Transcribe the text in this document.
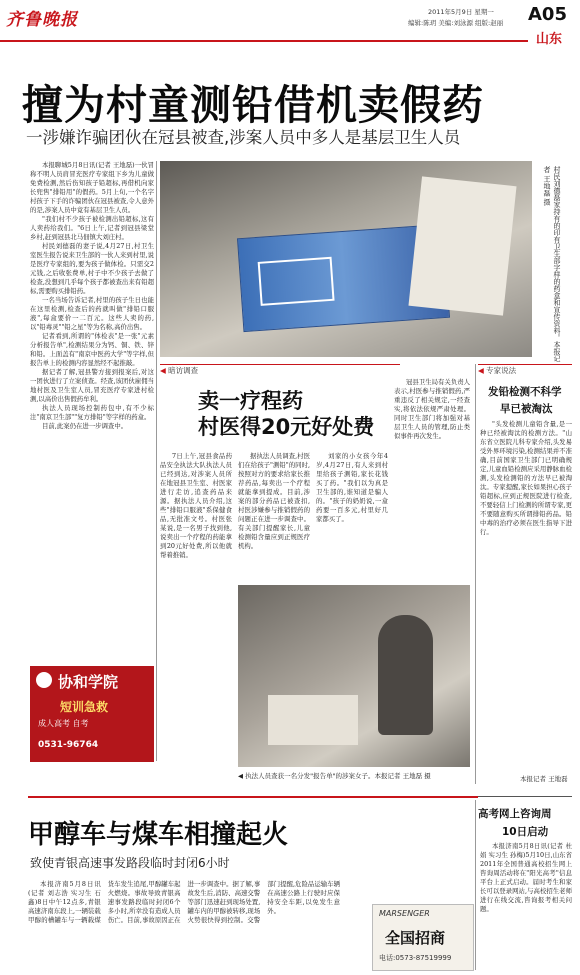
齐鲁晚报	2011年5月9日 星期一
编辑:陈玥 美编:刘泳源 组版:赵丽 A05
山东
擅为村童测铅借机卖假药
一涉嫌诈骗团伙在冠县被查,涉案人员中多人是基层卫生人员

本报聊城5月8日讯(记者 王地磊)一伙冒称不明人员肩冒充医疗专家组下乡为儿童做免费检测,然后伤知孩子铅超标,再借机向家长兜售"排铅用"的假药。5月上旬,一个名字村孩子下手的诈骗团伙在冠县被查,令人意外的是,涉案人员中竟有基层卫生人员。

"我们村不少孩子被检测出铅超标,这有人卖药给我们。"6日上午,记者到冠县梁堂乡村,赶到冠县北马佃镇大刘庄村。

村民刘德磊的妻子说,4月27日,村卫生室医生报告说来卫生部的一伙人来到村里,说是医疗专家组的,要为孩子做体检。只需交2元钱,之后收张费单,村子中不少孩子去做了检查,没想到几乎每个孩子都被查出来有铅超标,需要购买排铅药。

一名当场告诉记者,村里的孩子生日也能在这里检测,检查后的药就叫做"排铅口服液",每盒要价一二百元。这些人卖的药,以"铅毒灵""铅之星"等为名称,高价出售。

记者看到,所谓的"体检表"是一张"元素分析报告单",检测结果分为钙、铜、铁、锌和铅。上面盖有"南京中医药大学"等字样,但报告单上的检测内容显然经不起推敲。

据记者了解,冠县警方接到报案后,对这一团伙进行了立案侦查。经查,该团伙雇佣当地村医及卫生室人员,冒充医疗专家进村检测,以高价出售假药牟利。

执法人员现场控制药包中,有不少标注"南京卫生部""复方排铅"等字样的药盒。

目前,此案仍在进一步调查中。

协和学院
短训急救
成人高考 自考
0531-96764
村民刘德磊家持有的印有卫生部字样的药盒和宣传资料。本报记者 王地磊 摄
◀ 暗访调查
卖一疗程药
村医得20元好处费

7日上午,冠县食品药品安全执法大队执法人员已经到达,对涉案人员所在地冠县卫生室、村医家进行走访,追查药品来源。据执法人员介绍,这些"排铅口服液"系保健食品,无批准文号。村医张某说,是一名男子找到他,说卖出一个疗程的药能拿到20元好处费,所以他就帮着推销。

据执法人员调查,村医们在给孩子"测铅"的同时,按照对方的要求给家长推荐药品,每卖出一个疗程就能拿到提成。目前,涉案的部分药品已被查扣,村医涉嫌参与推销假药的问题正在进一步调查中。有关部门提醒家长,儿童检测铅含量应到正规医疗机构。

刘家的小女孩今年4岁,4月27日,有人来到村里给孩子测铅,家长花钱买了药。"我们以为真是卫生部的,谁知道是骗人的。"孩子的奶奶说,一盒药要一百多元,村里好几家都买了。

冠县卫生局有关负责人表示,村医参与推销假药,严重违反了相关规定,一经查实,将依法依规严肃处理。同时卫生部门将加强对基层卫生人员的管理,防止类似事件再次发生。

◀ 执法人员查获一名分发"报告单"的涉案女子。本报记者 王地磊 摄
◀ 专家说法
发铅检测不科学
早已被淘汰

"头发检测儿童铅含量,是一种已经被淘汰的检测方法。"山东省立医院儿科专家介绍,头发易受外界环境污染,检测结果并不准确,目前国家卫生部门已明确规定,儿童血铅检测应采用静脉血检测,头发检测铅的方法早已被淘汰。专家提醒,家长如果担心孩子铅超标,应到正规医院进行检查,不要轻信上门检测的所谓专家,更不要随意购买所谓排铅药品。铅中毒的治疗必须在医生指导下进行。

本报记者 王地磊
甲醇车与煤车相撞起火
致使青银高速事发路段临时封闭6小时

本报济南5月8日讯(记者 刘志浩 实习生 石鑫)8日中午12点多,青银高速济南东段上,一辆装载甲醇的槽罐车与一辆载煤货车发生追尾,甲醇罐车起火燃烧。事故导致青银高速事发路段临时封闭6个多小时,所幸没有造成人员伤亡。目前,事故原因正在进一步调查中。据了解,事故发生后,消防、高速交警等部门迅速赶到现场处置,罐车内的甲醇被转移,现场火势很快得到控制。交警部门提醒,危险品运输车辆在高速公路上行驶时应保持安全车距,以免发生意外。	MARSENGER
全国招商
电话:0573-87519999
高考网上咨询周
10日启动

本报济南5月8日讯(记者 杜娟 实习生 孙梅)5月10日,山东省2011年全国普通高校招生网上咨询周活动将在"阳光高考"信息平台上正式启动。届时考生和家长可以登录网站,与高校招生老师进行在线交流,咨询报考相关问题。
